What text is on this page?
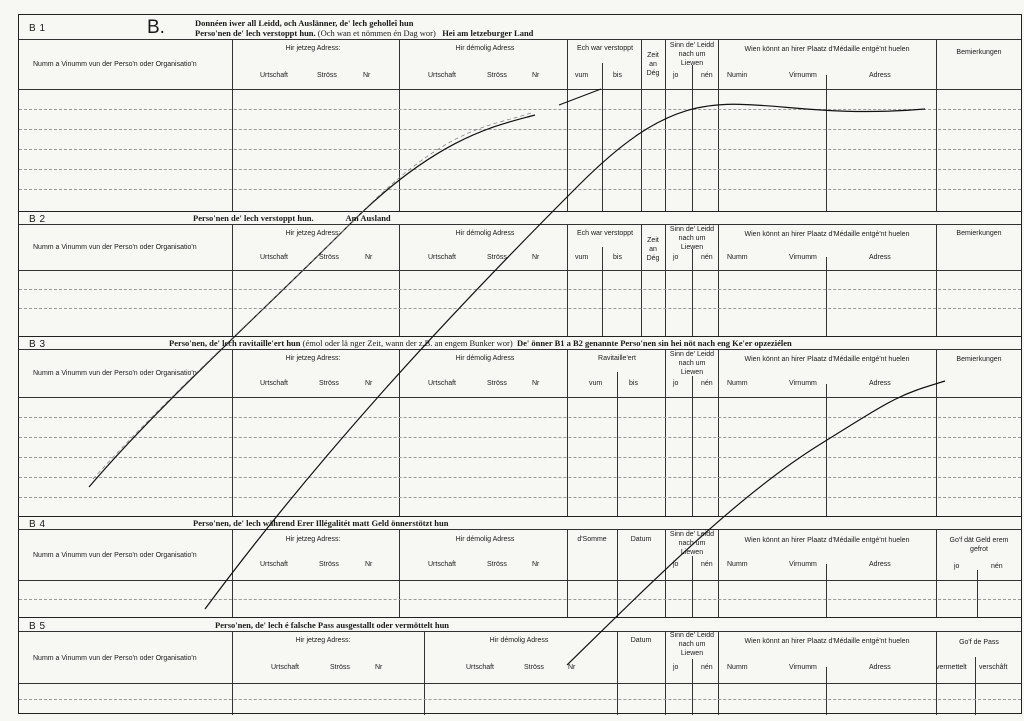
B 1	B.	Donnéen iwer all Leidd, och Auslänner, de' lech geholleĭ hun
Perso'nen de' lech verstoppt hun. (Och wan et nömmen én Dag wor) Hei am letzeburger Land
Numm a Vinumm vun der Perso'n oder Organisatio'n
Hir jetzeg Adress:
Urtschaft	Ströss	Nr
Hir démolig Adress
Urtschaft	Ströss	Nr
Ech war verstoppt
vum	bis
Zeit an Dég
Sinn de' Leidd nach um Liewen
jo	nén
Wien könnt an hirer Plaatz d'Médaille entgé'nt huelen
Numin	Virnumm	Adress
Bemierkungen
B 2	Perso'nen de' lech verstoppt hun.	Am Ausland
Numm a Vinumm vun der Perso'n oder Organisatio'n
Hir jetzeg Adress:
Urtschaft	Ströss	Nr
Hir démolig Adress
Urtschaft	Ströss	Nr
Ech war verstoppt
vum	bis
Zeit an Dég
Sinn de' Leidd nach um Liewen
jo	nén
Wien könnt an hirer Plaatz d'Médaille entgé'nt huelen
Numm	Virnumm	Adress
Bemierkungen
B 3	Perso'nen, de' lech ravitaille'ert hun (émol oder lä nger Zeit, wann der z.B. an engem Bunker wor) De' önner B1 a B2 genannte Perso'nen sin hei nöt nach eng Ke'er opzeziélen
Numm a Vinumm vun der Perso'n oder Organisatio'n
Hir jetzeg Adress:
Urtschaft	Ströss	Nr
Hir démolig Adress
Urtschaft	Ströss	Nr
Ravitaille'ert
vum	bis
Sinn de' Leidd nach um Liewen
jo	nén
Wien könnt an hirer Plaatz d'Médaille entgé'nt huelen
Numm	Virnumm	Adress
Bemierkungen
B 4	Perso'nen, de' lech während Erer Illégalitét matt Geld önnerstötzt hun
Numm a Vinumm vun der Perso'n oder Organisatio'n
Hir jetzeg Adress:
Urtschaft	Ströss	Nr
Hir démolig Adress
Urtschaft	Ströss	Nr
d'Somme	Datum
Sinn de' Leidd nach um Liewen
jo	nén
Wien könnt an hirer Plaatz d'Médaille entgé'nt huelen
Numm	Virnumm	Adress
Go'f dät Geld erem gefrot
jo	nén
B 5	Perso'nen, de' lech é falsche Pass ausgestallt oder vermöttelt hun
Numm a Vinumm vun der Perso'n oder Organisatio'n
Hir jetzeg Adress:
Urtschaft	Ströss	Nr
Hir démolig Adress
Urtschaft	Ströss	Nr
Datum
Sinn de' Leidd nach um Liewen
jo	nén
Wien könnt an hirer Plaatz d'Médaille entgé'nt huelen
Numm	Virnumm	Adress
Go'f de Pass
vermettelt verschâft
